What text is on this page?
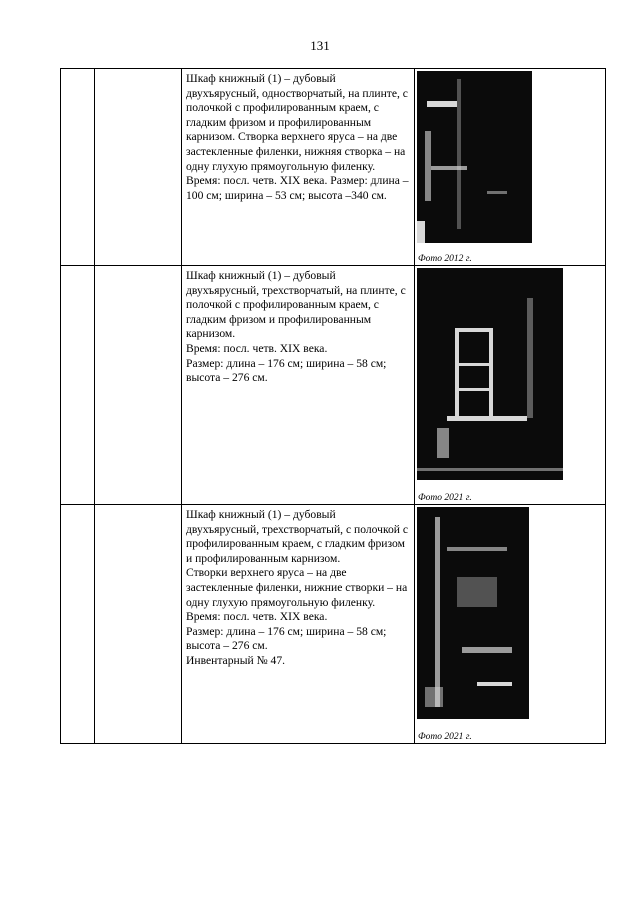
131

		Шкаф книжный (1) – дубовый двухъярусный, одностворчатый, на плинте, с полочкой с профилированным краем, с гладким фризом и профилированным карнизом. Створка верхнего яруса – на две застекленные филенки, нижняя створка – на одну глухую прямоугольную филенку.

Время: посл. четв. XIX века. Размер: длина – 100 см; ширина – 53 см; высота –340 см.	Фото 2012 г.

		Шкаф книжный (1) – дубовый двухъярусный, трехстворчатый, на плинте, с полочкой с профилированным краем, с гладким фризом и профилированным карнизом.

Время: посл. четв. XIX века.

Размер: длина – 176 см; ширина – 58 см; высота – 276 см.	Фото 2021 г.

		Шкаф книжный (1) – дубовый двухъярусный, трехстворчатый, с полочкой с профилированным краем, с гладким фризом и профилированным карнизом.

Створки верхнего яруса – на две застекленные филенки, нижние створки – на одну глухую прямоугольную филенку.

Время: посл. четв. XIX века.

Размер: длина – 176 см; ширина – 58 см; высота – 276 см.

Инвентарный № 47.	Фото 2021 г.
